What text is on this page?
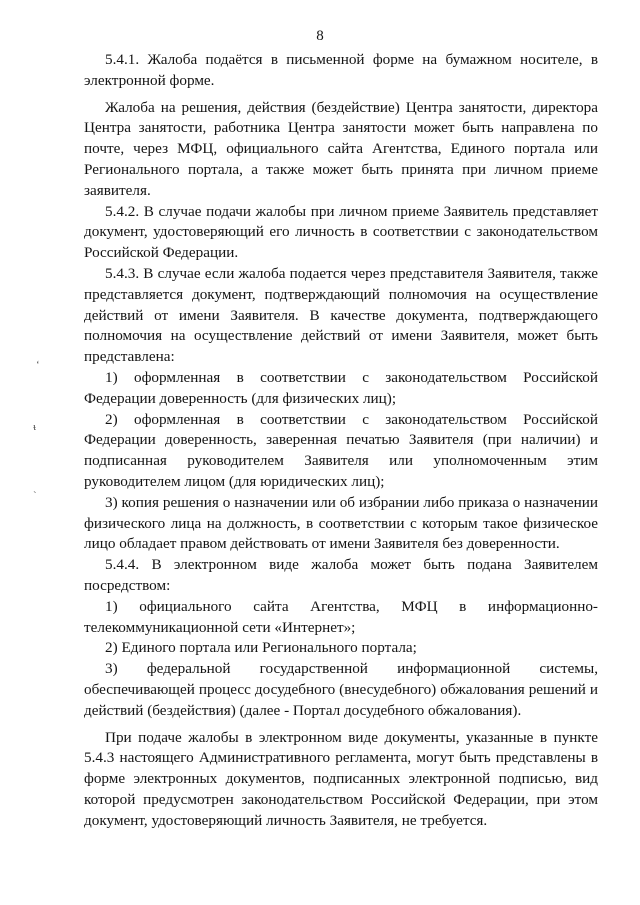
8

5.4.1. Жалоба подаётся в письменной форме на бумажном носителе, в электронной форме.

Жалоба на решения, действия (бездействие) Центра занятости, директора Центра занятости, работника Центра занятости может быть направлена по почте, через МФЦ, официального сайта Агентства, Единого портала или Регионального портала, а также может быть принята при личном приеме заявителя.

5.4.2. В случае подачи жалобы при личном приеме Заявитель представляет документ, удостоверяющий его личность в соответствии с законодательством Российской Федерации.

5.4.3. В случае если жалоба подается через представителя Заявителя, также представляется документ, подтверждающий полномочия на осуществление действий от имени Заявителя. В качестве документа, подтверждающего полномочия на осуществление действий от имени Заявителя, может быть представлена:

1) оформленная в соответствии с законодательством Российской Федерации доверенность (для физических лиц);

2) оформленная в соответствии с законодательством Российской Федерации доверенность, заверенная печатью Заявителя (при наличии) и подписанная руководителем Заявителя или уполномоченным этим руководителем лицом (для юридических лиц);

3) копия решения о назначении или об избрании либо приказа о назначении физического лица на должность, в соответствии с которым такое физическое лицо обладает правом действовать от имени Заявителя без доверенности.

5.4.4. В электронном виде жалоба может быть подана Заявителем посредством:

1) официального сайта Агентства, МФЦ в информационно-телекоммуникационной сети «Интернет»;

2) Единого портала или Регионального портала;

3) федеральной государственной информационной системы, обеспечивающей процесс досудебного (внесудебного) обжалования решений и действий (бездействия) (далее - Портал досудебного обжалования).

При подаче жалобы в электронном виде документы, указанные в пункте 5.4.3 настоящего Административного регламента, могут быть представлены в форме электронных документов, подписанных электронной подписью, вид которой предусмотрен законодательством Российской Федерации, при этом документ, удостоверяющий личность Заявителя, не требуется.

ʻ
ᵼ
˴
